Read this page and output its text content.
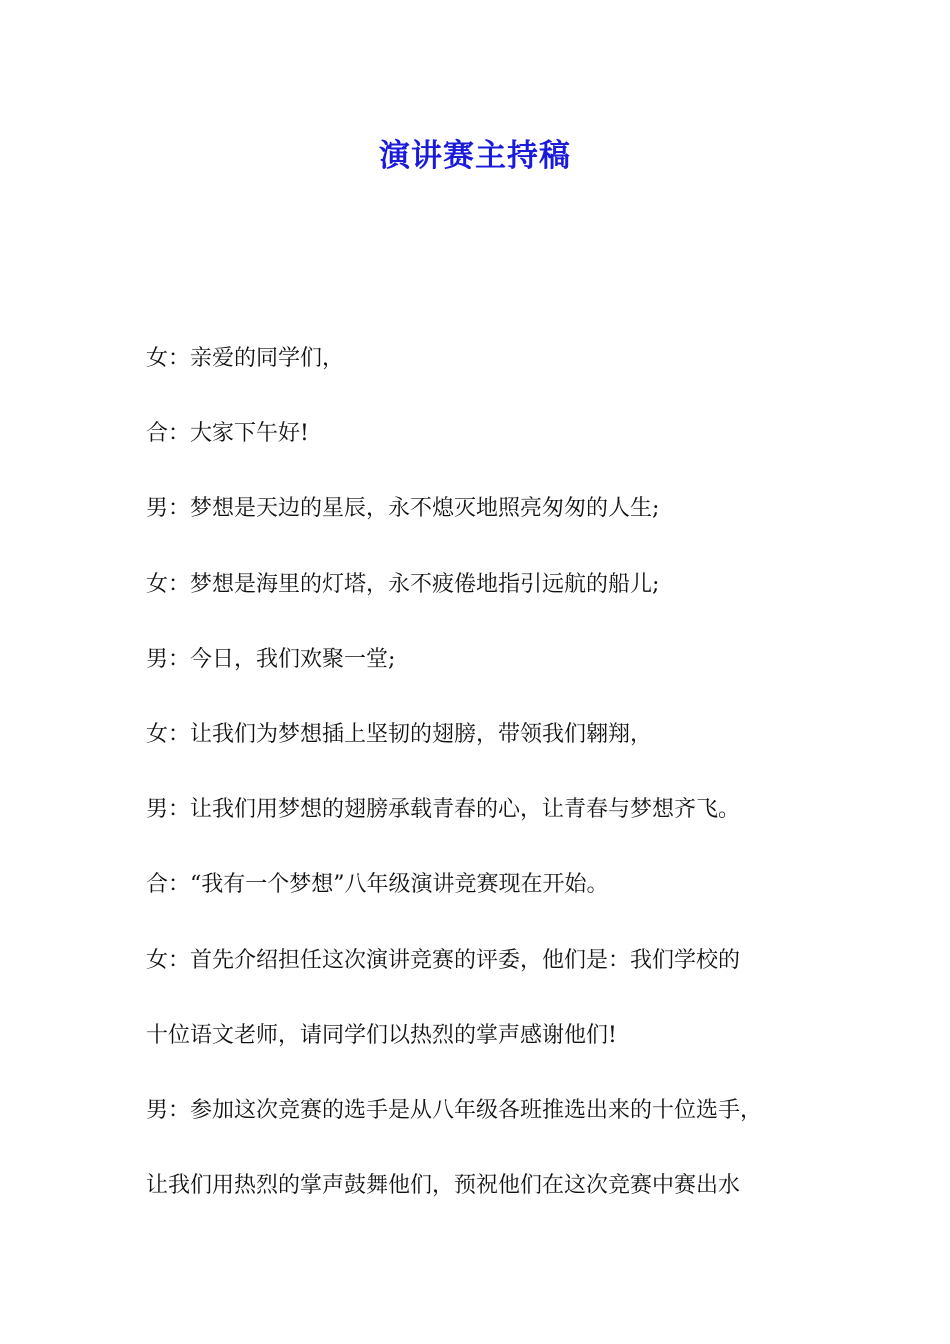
演讲赛主持稿
女：亲爱的同学们，
合：大家下午好!
男：梦想是天边的星辰，永不熄灭地照亮匆匆的人生;
女：梦想是海里的灯塔，永不疲倦地指引远航的船儿;
男：今日，我们欢聚一堂;
女：让我们为梦想插上坚韧的翅膀，带领我们翱翔，
男：让我们用梦想的翅膀承载青春的心，让青春与梦想齐飞。
合：“我有一个梦想”八年级演讲竞赛现在开始。
女：首先介绍担任这次演讲竞赛的评委，他们是：我们学校的
十位语文老师，请同学们以热烈的掌声感谢他们!
男：参加这次竞赛的选手是从八年级各班推选出来的十位选手，
让我们用热烈的掌声鼓舞他们，预祝他们在这次竞赛中赛出水
